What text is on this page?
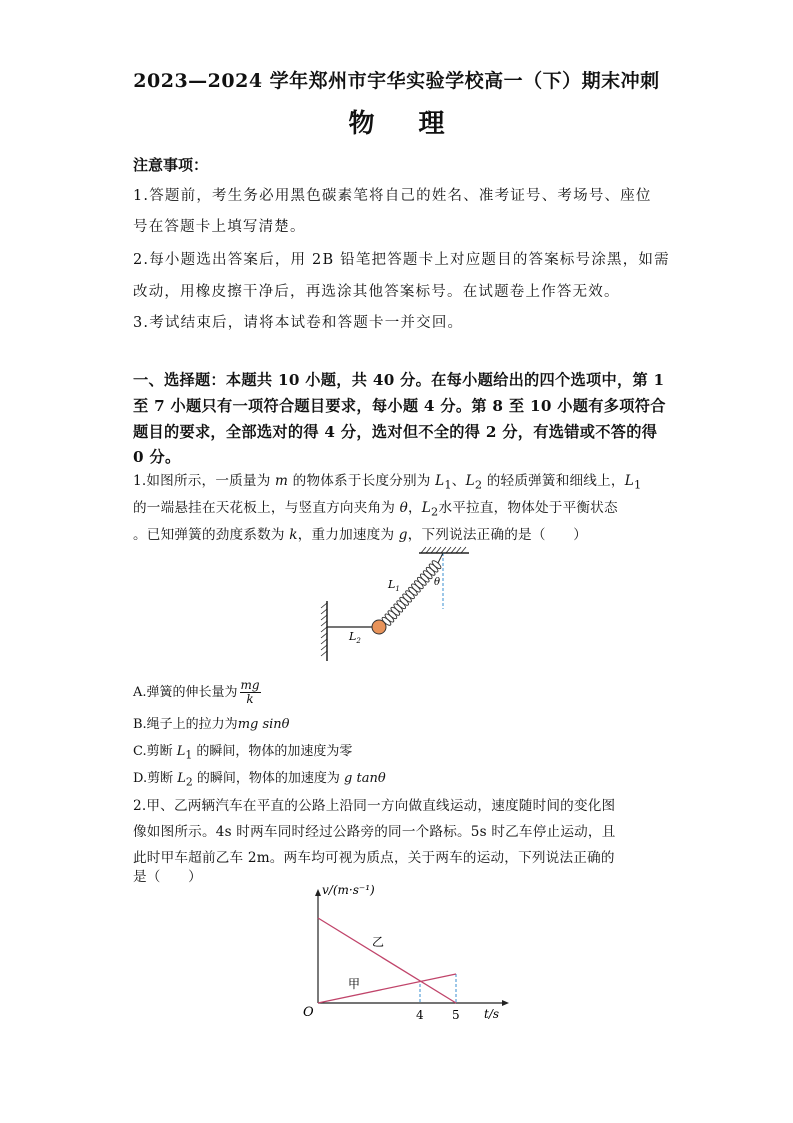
2023—2024 学年郑州市宇华实验学校高一（下）期末冲刺
物 理
注意事项：
1.答题前，考生务必用黑色碳素笔将自己的姓名、准考证号、考场号、座位
号在答题卡上填写清楚。
2.每小题选出答案后，用 2B 铅笔把答题卡上对应题目的答案标号涂黑，如需
改动，用橡皮擦干净后，再选涂其他答案标号。在试题卷上作答无效。
3.考试结束后，请将本试卷和答题卡一并交回。
一、选择题：本题共 10 小题，共 40 分。在每小题给出的四个选项中，第 1
至 7 小题只有一项符合题目要求，每小题 4 分。第 8 至 10 小题有多项符合
题目的要求，全部选对的得 4 分，选对但不全的得 2 分，有选错或不答的得
0 分。
1.如图所示，一质量为 m 的物体系于长度分别为 $L_1$、$L_2$ 的轻质弹簧和细线上，$L_1$
的一端悬挂在天花板上，与竖直方向夹角为 θ，$L_2$水平拉直，物体处于平衡状态
。已知弹簧的劲度系数为 k，重力加速度为 g，下列说法正确的是（　　）
$L_1$
$L_2$
θ
A.弹簧的伸长量为 $\frac{mg}{k}$
B.绳子上的拉力为mg sinθ
C.剪断 $L_1$ 的瞬间，物体的加速度为零
D.剪断 $L_2$ 的瞬间，物体的加速度为 g tanθ
2.甲、乙两辆汽车在平直的公路上沿同一方向做直线运动，速度随时间的变化图
像如图所示。4s 时两车同时经过公路旁的同一个路标。5s 时乙车停止运动，且
此时甲车超前乙车 2m。两车均可视为质点，关于两车的运动，下列说法正确的
是（　　）
v/(m·s⁻¹)
t/s
O	4 5
乙
甲
